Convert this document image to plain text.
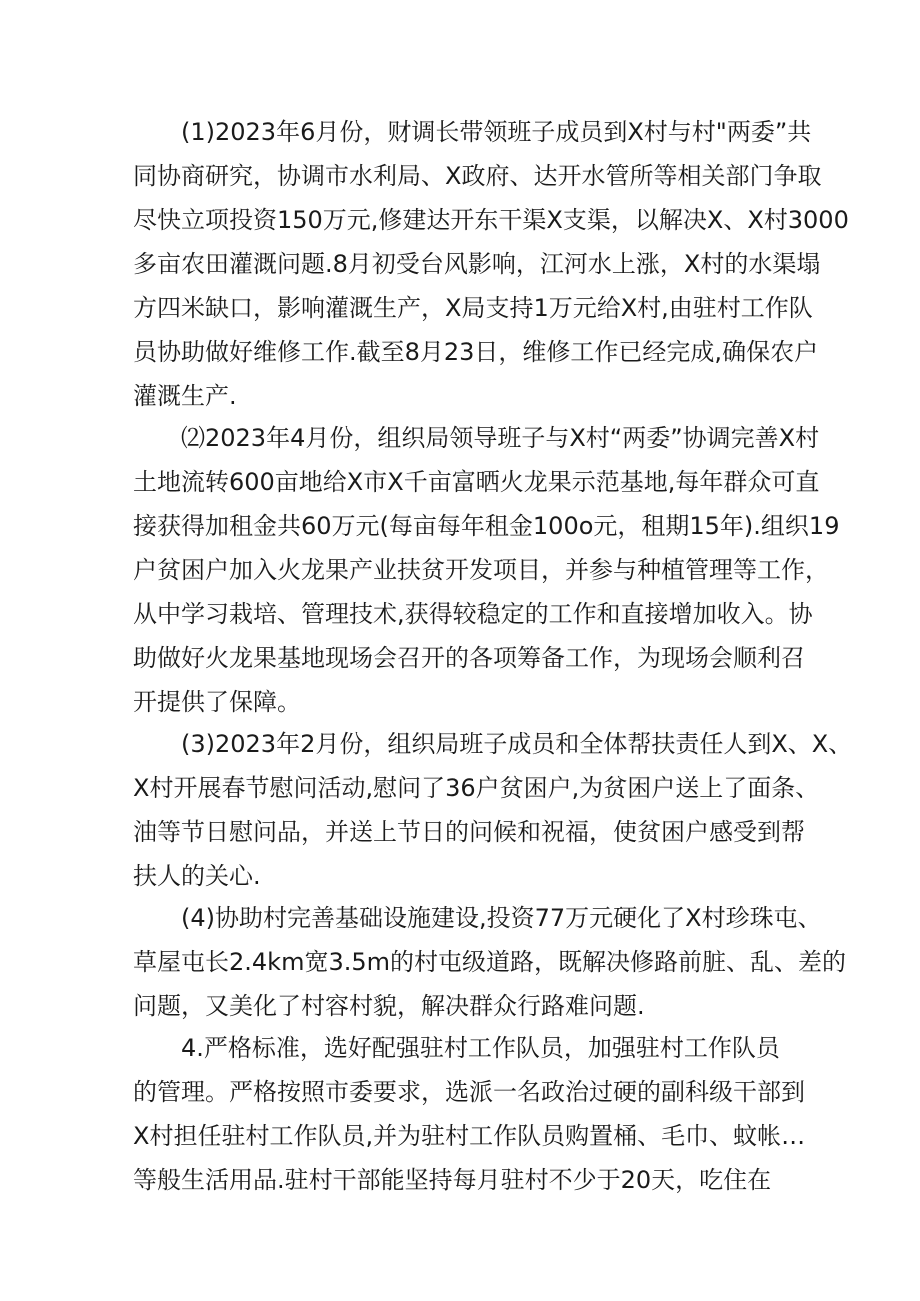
(1)2023年6月份，财调长带领班子成员到X村与村"两委”共
同协商研究，协调市水利局、X政府、达开水管所等相关部门争取
尽快立项投资150万元,修建达开东干渠X支渠，以解决X、X村3000
多亩农田灌溉问题.8月初受台风影响，江河水上涨，X村的水渠塌
方四米缺口，影响灌溉生产，X局支持1万元给X村,由驻村工作队
员协助做好维修工作.截至8月23日，维修工作已经完成,确保农户
灌溉生产.
⑵2023年4月份，组织局领导班子与X村“两委”协调完善X村
土地流转600亩地给X市X千亩富晒火龙果示范基地,每年群众可直
接获得加租金共60万元(每亩每年租金100o元，租期15年).组织19
户贫困户加入火龙果产业扶贫开发项目，并参与种植管理等工作，
从中学习栽培、管理技术,获得较稳定的工作和直接增加收入。协
助做好火龙果基地现场会召开的各项筹备工作，为现场会顺利召
开提供了保障。
(3)2023年2月份，组织局班子成员和全体帮扶责任人到X、X、
X村开展春节慰问活动,慰问了36户贫困户,为贫困户送上了面条、
油等节日慰问品，并送上节日的问候和祝福，使贫困户感受到帮
扶人的关心.
(4)协助村完善基础设施建设,投资77万元硬化了X村珍珠屯、
草屋屯长2.4km宽3.5m的村屯级道路，既解决修路前脏、乱、差的
问题，又美化了村容村貌，解决群众行路难问题.
4.严格标准，选好配强驻村工作队员，加强驻村工作队员
的管理。严格按照市委要求，选派一名政治过硬的副科级干部到
X村担任驻村工作队员,并为驻村工作队员购置桶、毛巾、蚊帐…
等般生活用品.驻村干部能坚持每月驻村不少于20天，吃住在
